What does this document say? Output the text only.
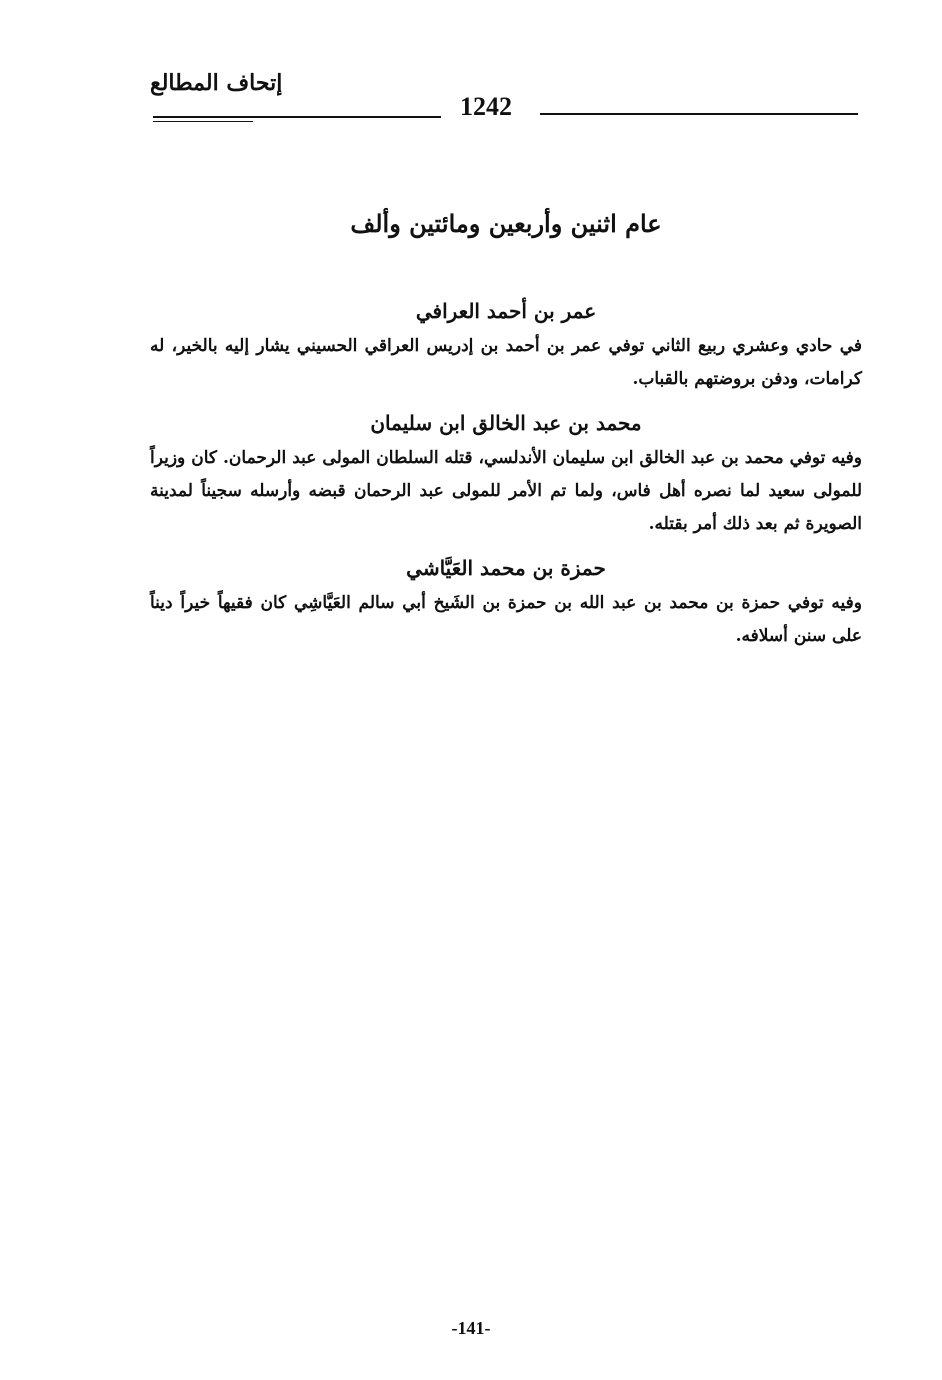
إتحاف المطالع
1242
عام اثنين وأربعين ومائتين وألف
عمر بن أحمد العرافي

في حادي وعشري ربيع الثاني توفي عمر بن أحمد بن إدريس العراقي الحسيني يشار إليه بالخير، له كرامات، ودفن بروضتهم بالقباب.

محمد بن عبد الخالق ابن سليمان

وفيه توفي محمد بن عبد الخالق ابن سليمان الأندلسي، قتله السلطان المولى عبد الرحمان. كان وزيراً للمولى سعيد لما نصره أهل فاس، ولما تم الأمر للمولى عبد الرحمان قبضه وأرسله سجيناً لمدينة الصويرة ثم بعد ذلك أمر بقتله.

حمزة بن محمد العَيَّاشي

وفيه توفي حمزة بن محمد بن عبد الله بن حمزة بن الشَيخ أبي سالم العَيَّاشِي كان فقيهاً خيراً ديناً على سنن أسلافه.

-141-
